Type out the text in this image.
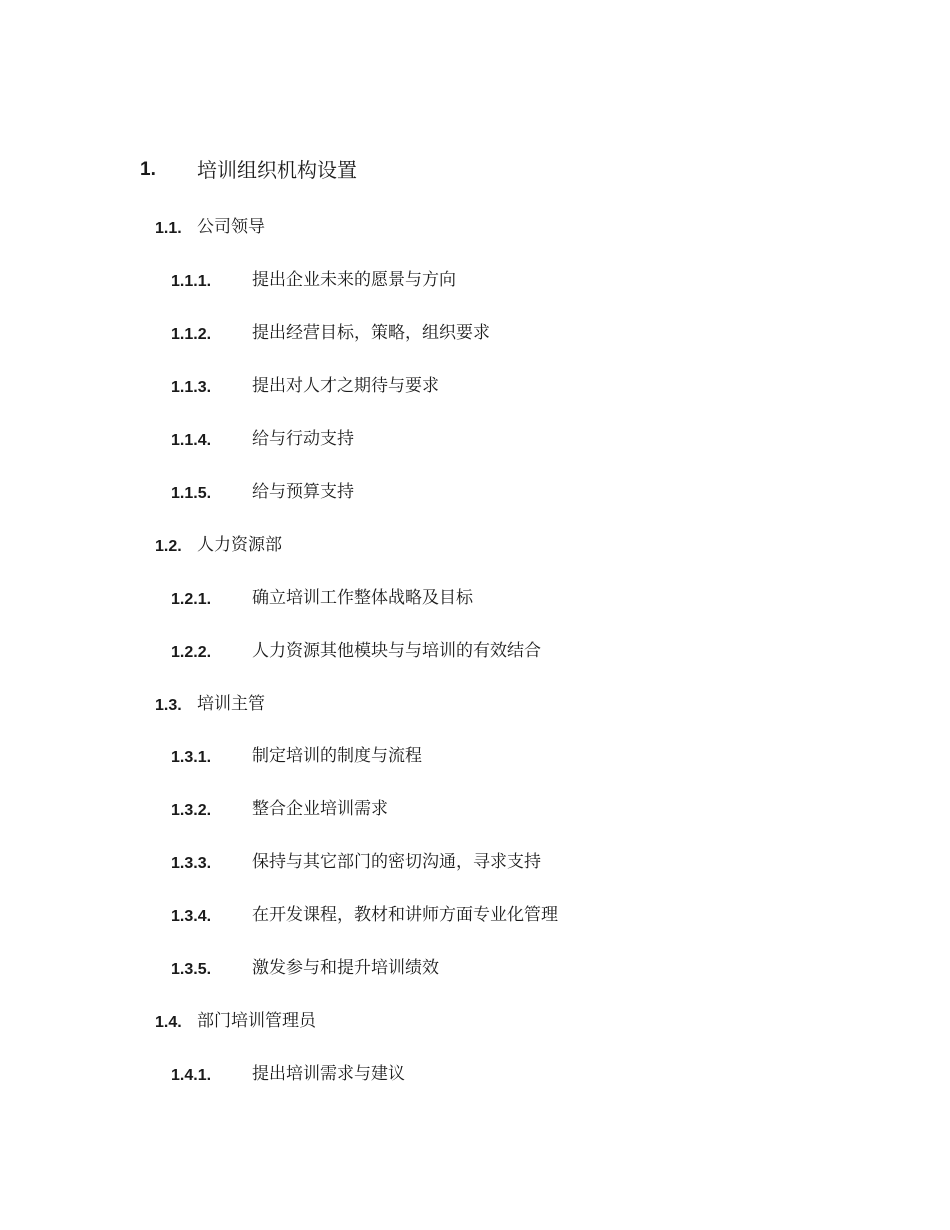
1. 培训组织机构设置
1.1. 公司领导
1.1.1. 提出企业未来的愿景与方向
1.1.2. 提出经营目标，策略，组织要求
1.1.3. 提出对人才之期待与要求
1.1.4. 给与行动支持
1.1.5. 给与预算支持
1.2. 人力资源部
1.2.1. 确立培训工作整体战略及目标
1.2.2. 人力资源其他模块与与培训的有效结合
1.3. 培训主管
1.3.1. 制定培训的制度与流程
1.3.2. 整合企业培训需求
1.3.3. 保持与其它部门的密切沟通，寻求支持
1.3.4. 在开发课程，教材和讲师方面专业化管理
1.3.5. 激发参与和提升培训绩效
1.4. 部门培训管理员
1.4.1. 提出培训需求与建议
